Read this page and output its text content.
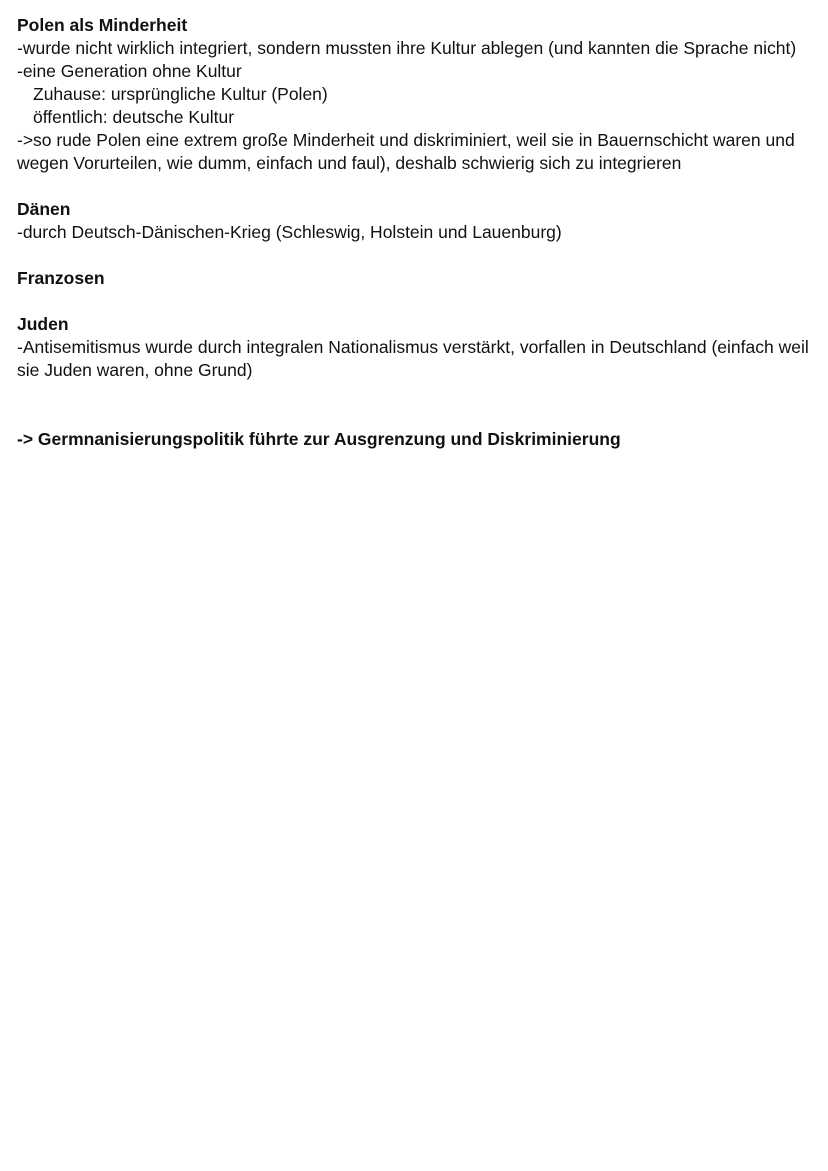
Polen als Minderheit
-wurde nicht wirklich integriert, sondern mussten ihre Kultur ablegen (und kannten die Sprache nicht)
-eine Generation ohne Kultur
Zuhause: ursprüngliche Kultur (Polen)
öffentlich: deutsche Kultur
->so rude Polen eine extrem große Minderheit und diskriminiert, weil sie in Bauernschicht waren und wegen Vorurteilen, wie dumm, einfach und faul), deshalb schwierig sich zu integrieren
Dänen
-durch Deutsch-Dänischen-Krieg (Schleswig, Holstein und Lauenburg)
Franzosen
Juden
-Antisemitismus wurde durch integralen Nationalismus verstärkt, vorfallen in Deutschland (einfach weil sie Juden waren, ohne Grund)
-> Germnanisierungspolitik führte zur Ausgrenzung und Diskriminierung
